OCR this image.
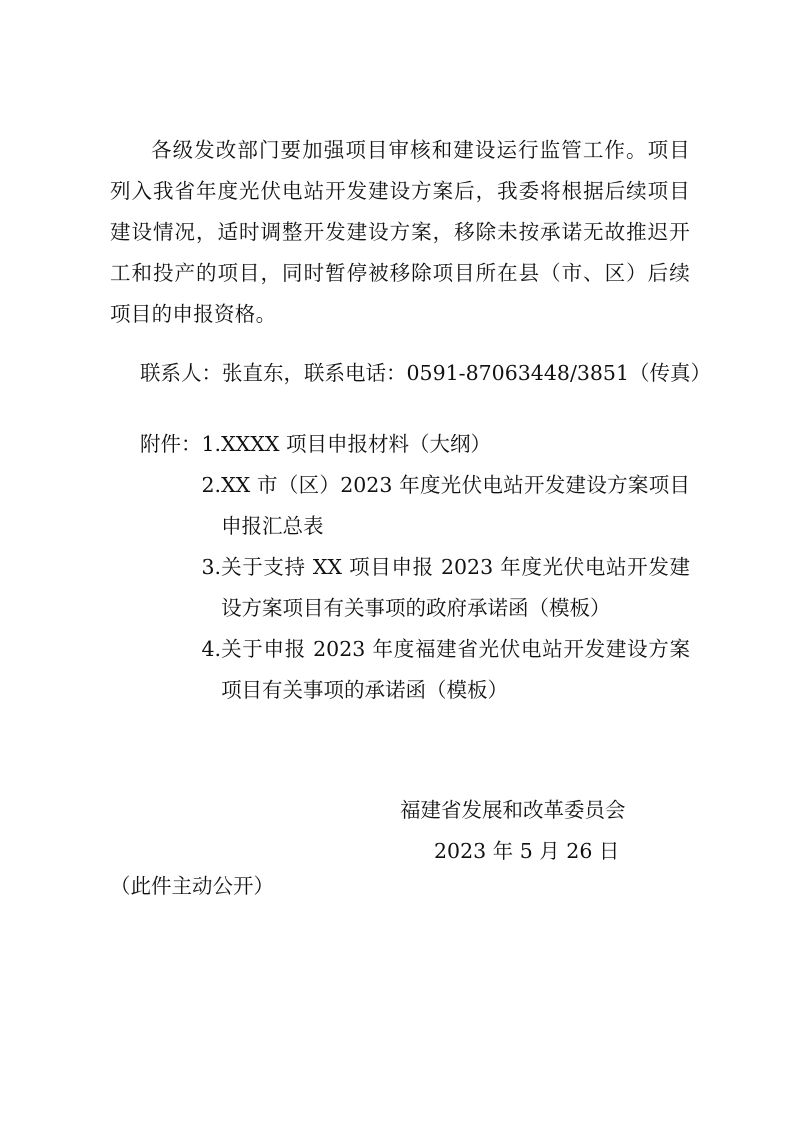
各级发改部门要加强项目审核和建设运行监管工作。项目列入我省年度光伏电站开发建设方案后，我委将根据后续项目建设情况，适时调整开发建设方案，移除未按承诺无故推迟开工和投产的项目，同时暂停被移除项目所在县（市、区）后续项目的申报资格。

联系人：张直东，联系电话：0591-87063448/3851（传真）

附件： 1. XXXX 项目申报材料（大纲）
2. XX 市（区）2023 年度光伏电站开发建设方案项目申报汇总表
3. 关于支持 XX 项目申报 2023 年度光伏电站开发建设方案项目有关事项的政府承诺函（模板）
4. 关于申报 2023 年度福建省光伏电站开发建设方案项目有关事项的承诺函（模板）
福建省发展和改革委员会
2023 年 5 月 26 日
（此件主动公开）
